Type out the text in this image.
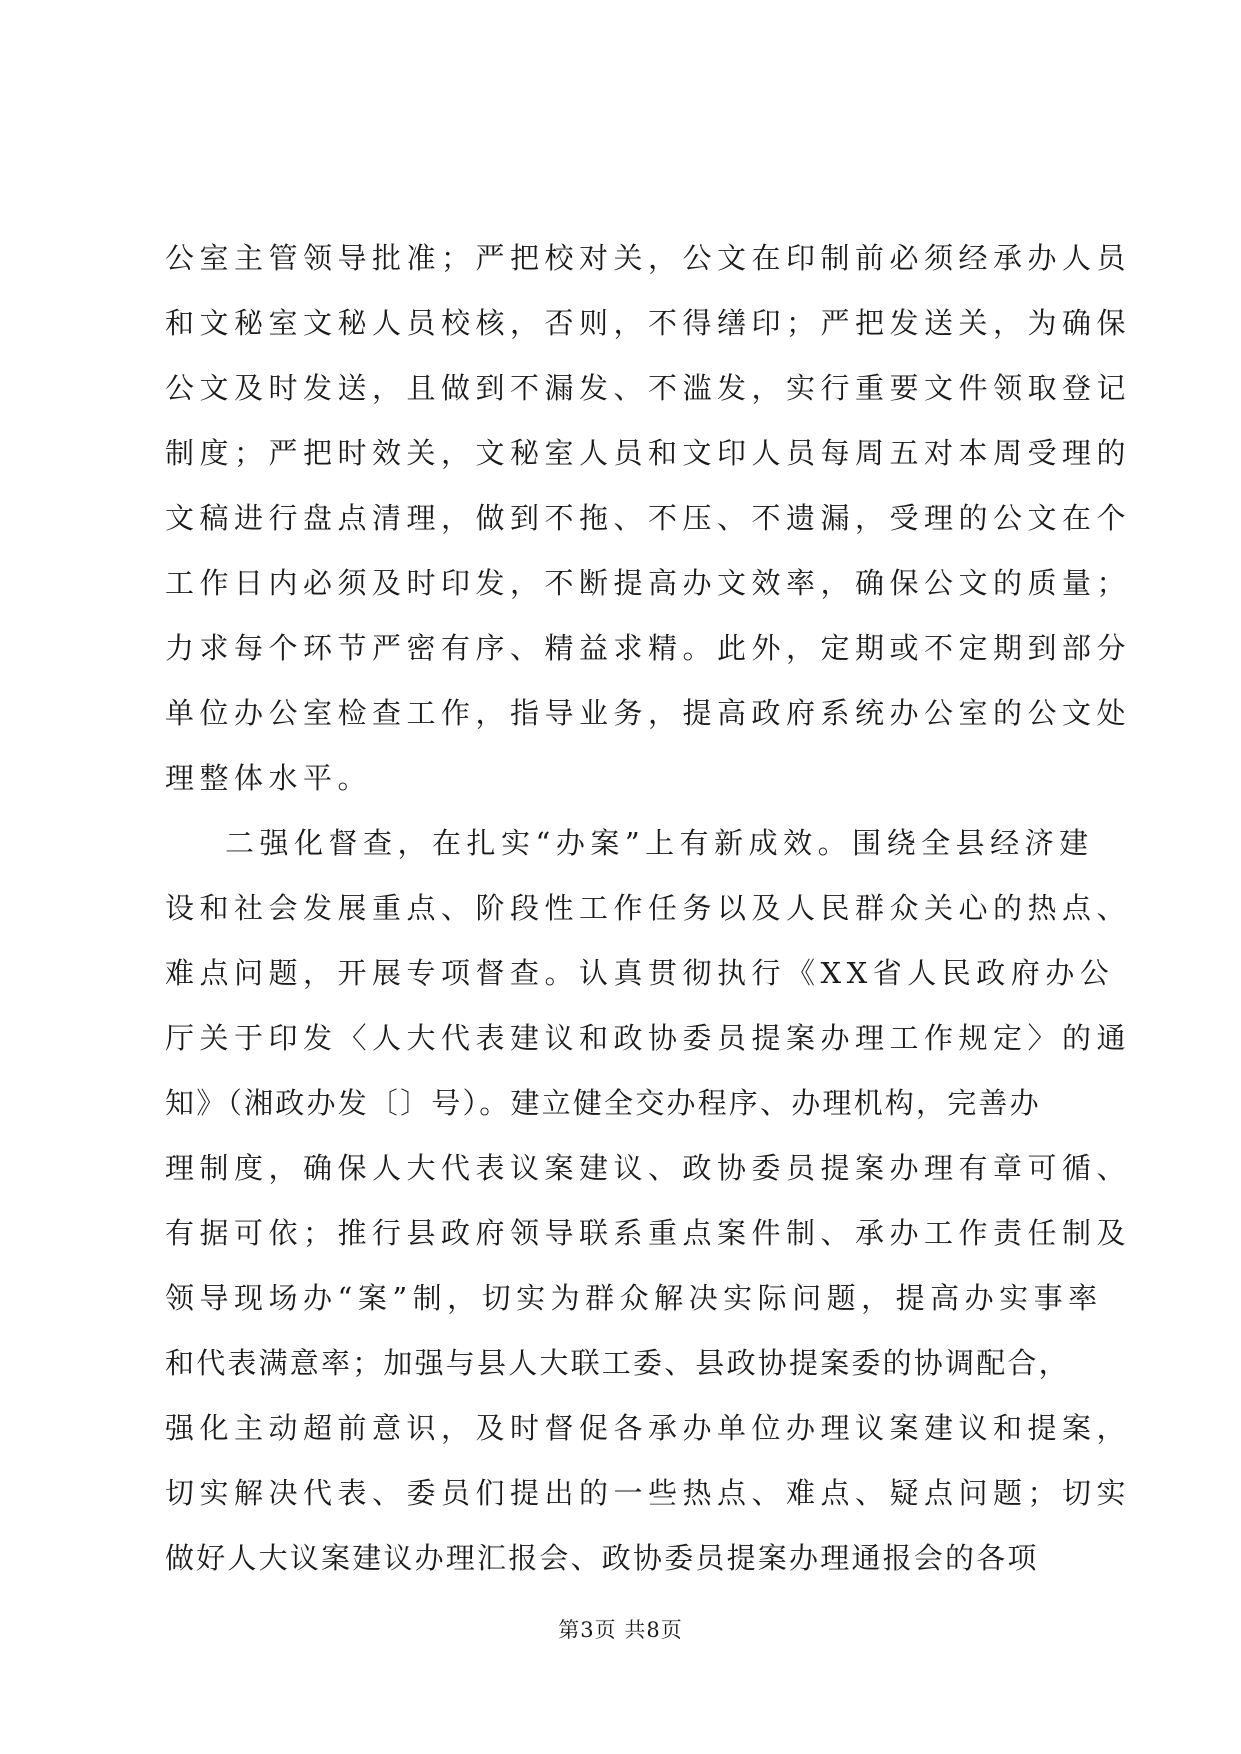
公室主管领导批准；严把校对关，公文在印制前必须经承办人员
和文秘室文秘人员校核，否则，不得缮印；严把发送关，为确保
公文及时发送，且做到不漏发、不滥发，实行重要文件领取登记
制度；严把时效关，文秘室人员和文印人员每周五对本周受理的
文稿进行盘点清理，做到不拖、不压、不遗漏，受理的公文在个
工作日内必须及时印发，不断提高办文效率，确保公文的质量；
力求每个环节严密有序、精益求精。此外，定期或不定期到部分
单位办公室检查工作，指导业务，提高政府系统办公室的公文处
理整体水平。
二强化督查，在扎实“办案”上有新成效。围绕全县经济建
设和社会发展重点、阶段性工作任务以及人民群众关心的热点、
难点问题，开展专项督查。认真贯彻执行《XX省人民政府办公
厅关于印发〈人大代表建议和政协委员提案办理工作规定〉的通
知》（湘政办发〔〕号）。建立健全交办程序、办理机构，完善办
理制度，确保人大代表议案建议、政协委员提案办理有章可循、
有据可依；推行县政府领导联系重点案件制、承办工作责任制及
领导现场办“案”制，切实为群众解决实际问题，提高办实事率
和代表满意率；加强与县人大联工委、县政协提案委的协调配合，
强化主动超前意识，及时督促各承办单位办理议案建议和提案，
切实解决代表、委员们提出的一些热点、难点、疑点问题；切实
做好人大议案建议办理汇报会、政协委员提案办理通报会的各项
第3页 共8页
